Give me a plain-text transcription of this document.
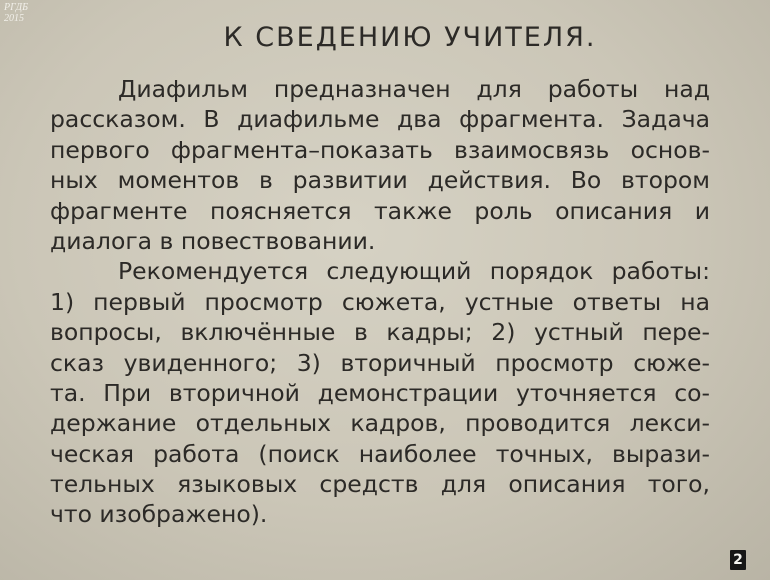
РГДБ
2015
К СВЕДЕНИЮ УЧИТЕЛЯ.
Диафильм предназначен для работы над
рассказом. В диафильме два фрагмента. Задача
первого фрагмента–показать взаимосвязь основ-
ных моментов в развитии действия. Во втором
фрагменте поясняется также роль описания и
диалога в повествовании.
Рекомендуется следующий порядок работы:
1) первый просмотр сюжета, устные ответы на
вопросы, включённые в кадры; 2) устный пере-
сказ увиденного; 3) вторичный просмотр сюже-
та. При вторичной демонстрации уточняется со-
держание отдельных кадров, проводится лекси-
ческая работа (поиск наиболее точных, вырази-
тельных языковых средств для описания того,
что изображено).
2
